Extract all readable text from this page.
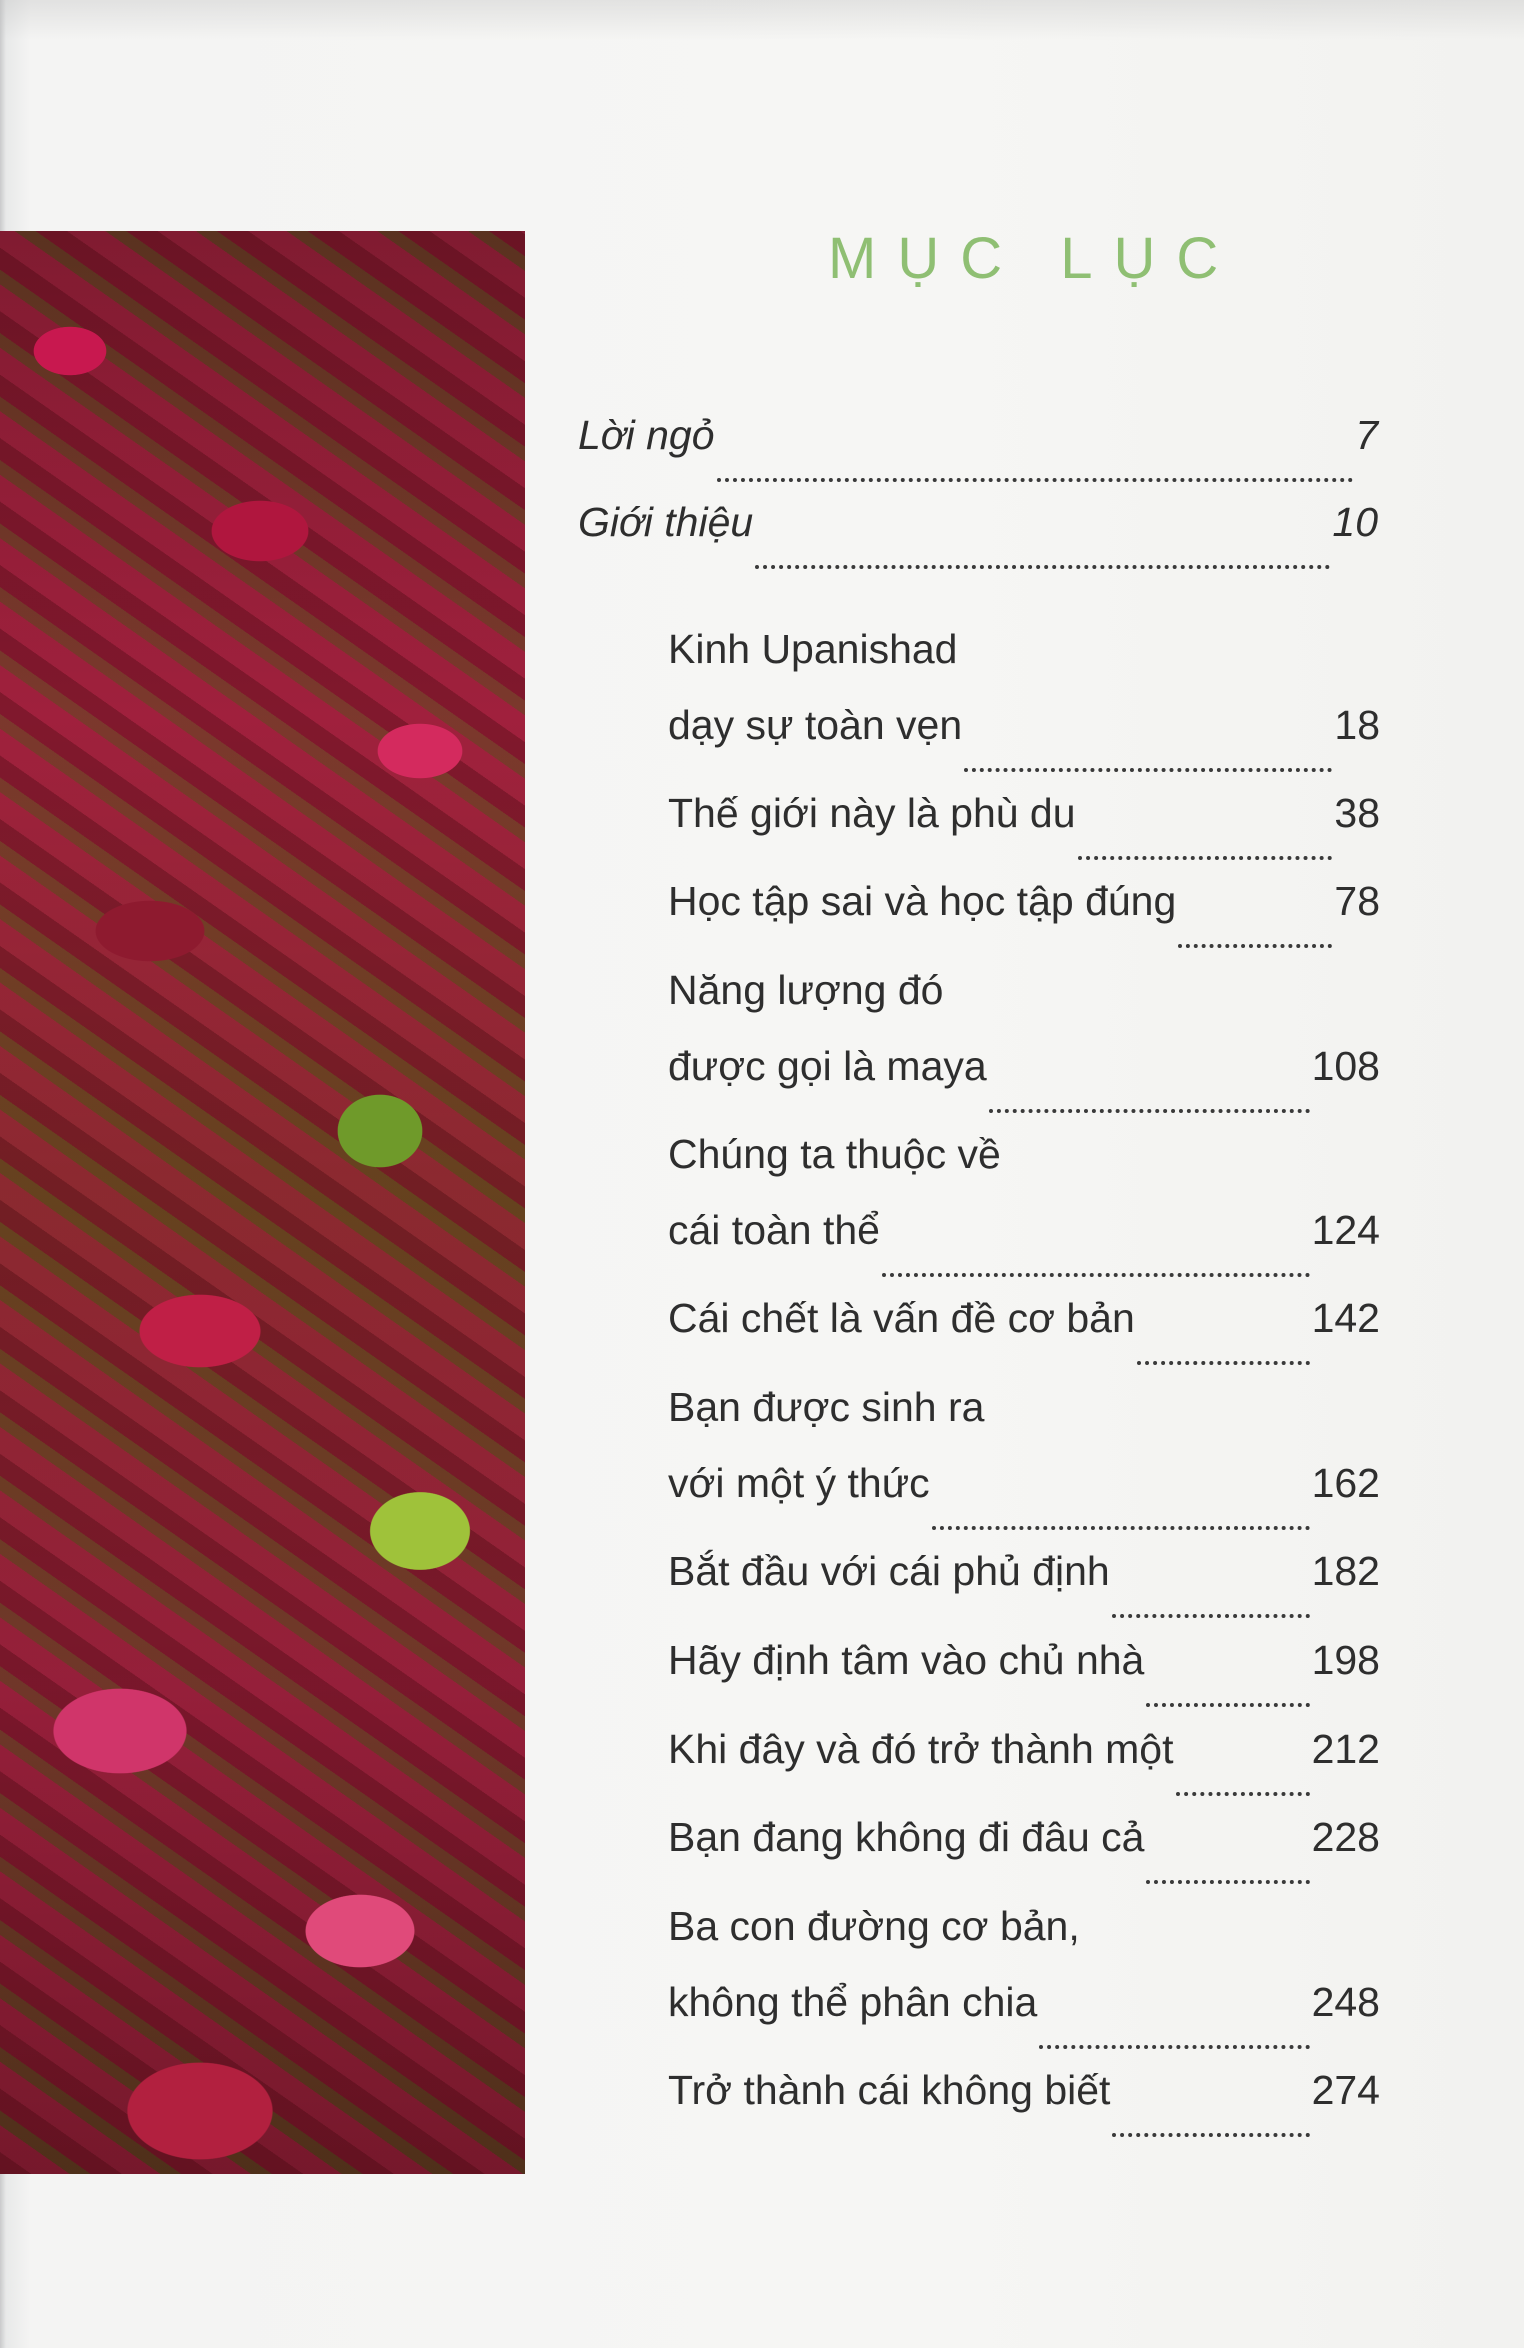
MỤC LỤC
Lời ngỏ	7
Giới thiệu	10
Kinh Upanishad
dạy sự toàn vẹn	18
Thế giới này là phù du	38
Học tập sai và học tập đúng	78
Năng lượng đó
được gọi là maya	108
Chúng ta thuộc về
cái toàn thể	124
Cái chết là vấn đề cơ bản	142
Bạn được sinh ra
với một ý thức	162
Bắt đầu với cái phủ định	182
Hãy định tâm vào chủ nhà	198
Khi đây và đó trở thành một	212
Bạn đang không đi đâu cả	228
Ba con đường cơ bản,
không thể phân chia	248
Trở thành cái không biết	274
